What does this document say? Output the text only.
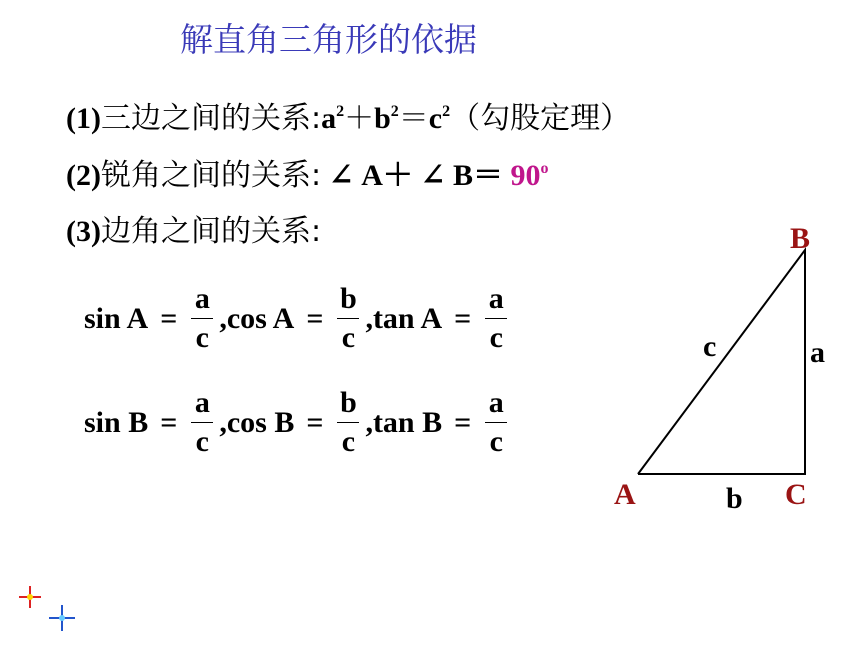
解直角三角形的依据
(1)三边之间的关系$:a^2+b^2=c^2$（勾股定理）
(2)锐角之间的关系: ∠ A＋ ∠ $B= 90^o$
(3)边角之间的关系:
$\sin A = \frac{a}{c}$ , $\cos A = \frac{b}{c}$ , $\tan A = \frac{a}{c}$
$\sin B = \frac{a}{c}$ , $\cos B = \frac{b}{c}$ , $\tan B = \frac{a}{c}$
B
A	C
c	a
b
